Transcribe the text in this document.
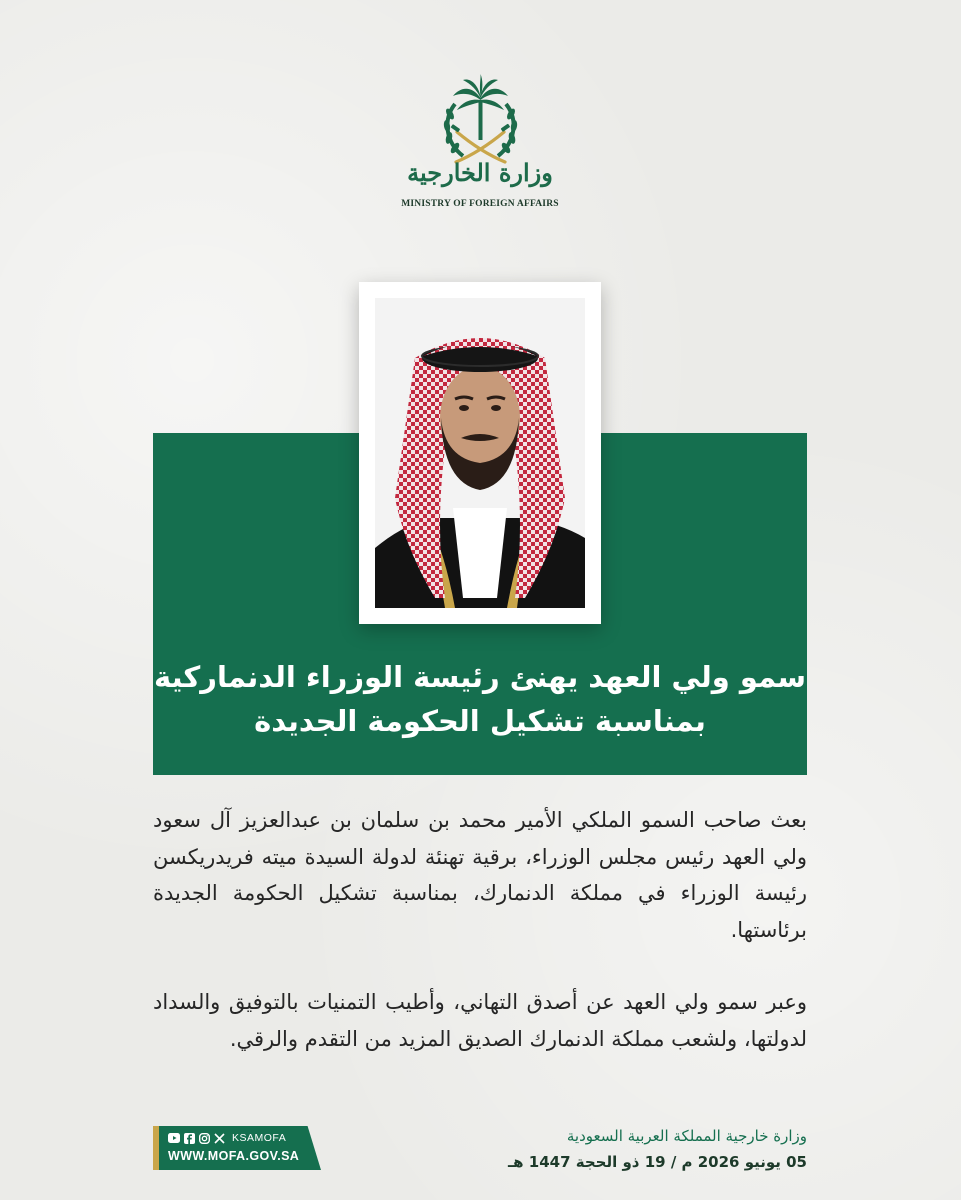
وزارة الخارجية
MINISTRY OF FOREIGN AFFAIRS
سمو ولي العهد يهنئ رئيسة الوزراء الدنماركية
بمناسبة تشكيل الحكومة الجديدة

بعث صاحب السمو الملكي الأمير محمد بن سلمان بن عبدالعزيز آل سعود ولي العهد رئيس مجلس الوزراء، برقية تهنئة لدولة السيدة ميته فريدريكسن رئيسة الوزراء في مملكة الدنمارك، بمناسبة تشكيل الحكومة الجديدة برئاستها.

وعبر سمو ولي العهد عن أصدق التهاني، وأطيب التمنيات بالتوفيق والسداد لدولتها، ولشعب مملكة الدنمارك الصديق المزيد من التقدم والرقي.

KSAMOFA
WWW.MOFA.GOV.SA
وزارة خارجية المملكة العربية السعودية
05 يونيو 2026 م / 19 ذو الحجة 1447 هـ
